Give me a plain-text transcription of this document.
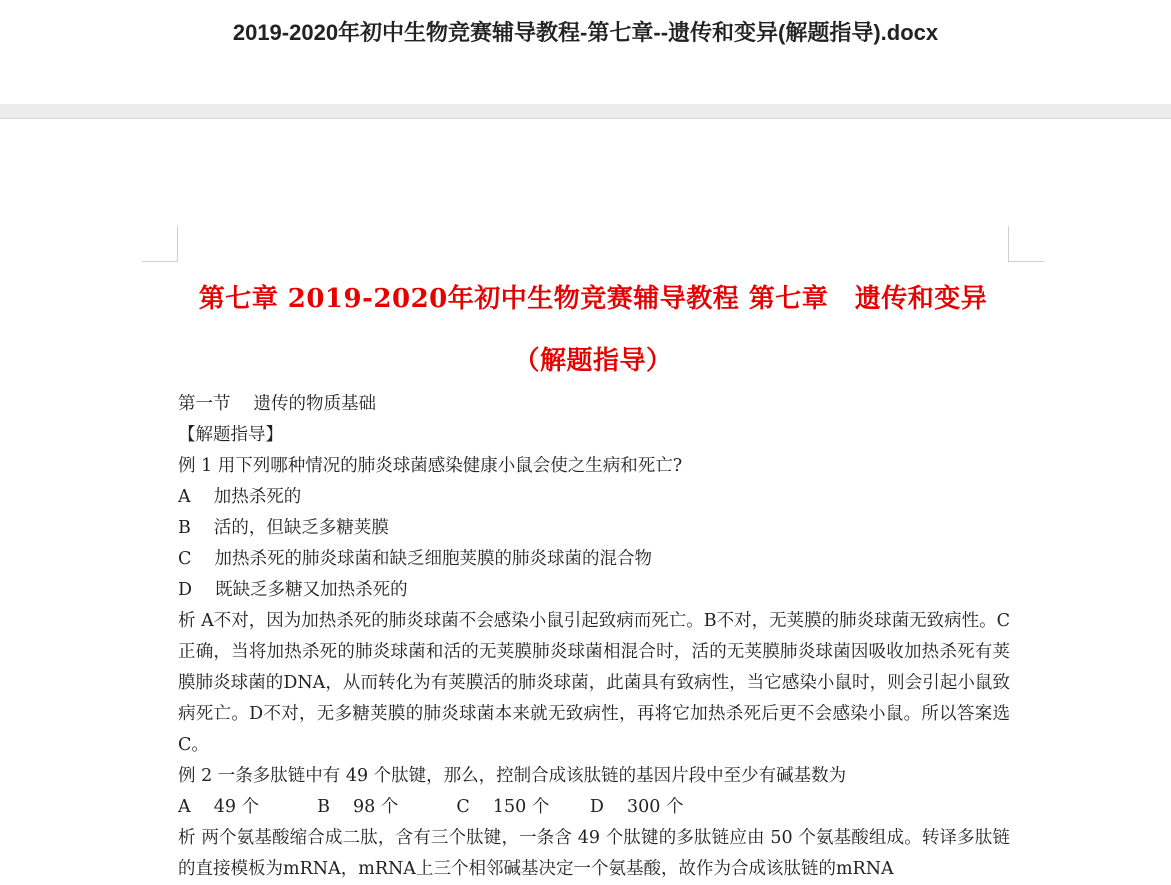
2019-2020年初中生物竞赛辅导教程-第七章--遗传和变异(解题指导).docx
第七章 2019-2020年初中生物竞赛辅导教程 第七章　遗传和变异
（解题指导）

第一节　 遗传的物质基础

【解题指导】

例 1 用下列哪种情况的肺炎球菌感染健康小鼠会使之生病和死亡?

A　 加热杀死的

B　 活的，但缺乏多糖荚膜

C　 加热杀死的肺炎球菌和缺乏细胞荚膜的肺炎球菌的混合物

D　 既缺乏多糖又加热杀死的

析 A不对，因为加热杀死的肺炎球菌不会感染小鼠引起致病而死亡。B不对，无荚膜的肺炎球菌无致病性。C正确，当将加热杀死的肺炎球菌和活的无荚膜肺炎球菌相混合时，活的无荚膜肺炎球菌因吸收加热杀死有荚膜肺炎球菌的DNA，从而转化为有荚膜活的肺炎球菌，此菌具有致病性，当它感染小鼠时，则会引起小鼠致病死亡。D不对，无多糖荚膜的肺炎球菌本来就无致病性，再将它加热杀死后更不会感染小鼠。所以答案选C。

例 2 一条多肽链中有 49 个肽键，那么，控制合成该肽链的基因片段中至少有碱基数为

A　 49 个　　　 B　 98 个　　　 C　 150 个　　 D　 300 个

析 两个氨基酸缩合成二肽，含有三个肽键，一条含 49 个肽键的多肽链应由 50 个氨基酸组成。转译多肽链的直接模板为mRNA，mRNA上三个相邻碱基决定一个氨基酸，故作为合成该肽链的mRNA
